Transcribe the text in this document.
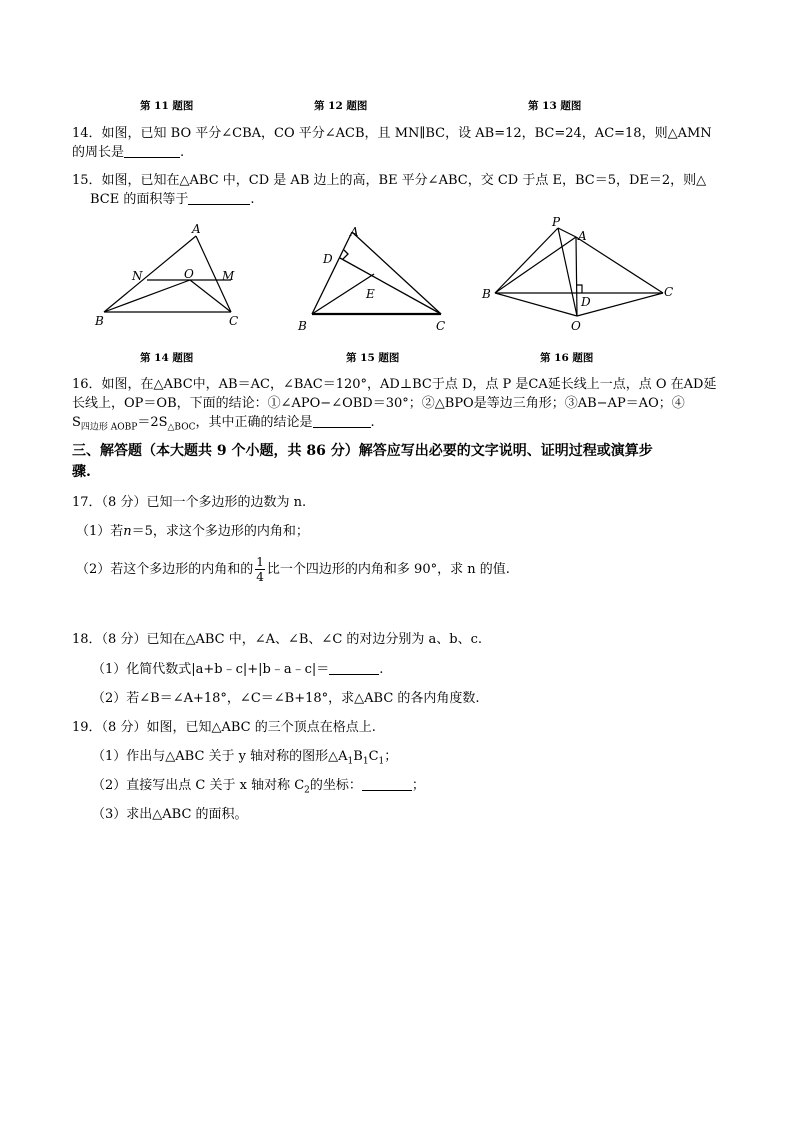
第 11 题图	第 12 题图	第 13 题图
14．如图，已知 BO 平分∠CBA，CO 平分∠ACB，且 MN∥BC，设 AB=12，BC=24，AC=18，则△AMN
的周长是	.
15．如图，已知在△ABC 中，CD 是 AB 边上的高，BE 平分∠ABC，交 CD 于点 E，BC＝5，DE＝2，则△
BCE 的面积等于	.
A
N	O M
B	C
A
D
E
B	C
P
A
B
D
C
O
第 14 题图	第 15 题图	第 16 题图
16．如图，在△ABC中，AB＝AC，∠BAC＝120°，AD⊥BC于点 D，点 P 是CA延长线上一点，点 O 在AD延
长线上，OP＝OB，下面的结论：①∠APO−∠OBD＝30°；②△BPO是等边三角形；③AB−AP＝AO；④
$S_{四边形 AOBP}=2S_{\triangle BOC}$，其中正确的结论是	.
三、解答题（本大题共 9 个小题，共 86 分）解答应写出必要的文字说明、证明过程或演算步
骤.
17．（8 分）已知一个多边形的边数为 n.
（1）若n＝5，求这个多边形的内角和；
（2）若这个多边形的内角和的 $\frac{1}{4}$ 比一个四边形的内角和多 90°，求 n 的值.
18．（8 分）已知在△ABC 中，∠A、∠B、∠C 的对边分别为 a、b、c.
（1）化简代数式|a+b﹣c|+|b﹣a﹣c|＝	.
（2）若∠B＝∠A+18°，∠C＝∠B+18°，求△ABC 的各内角度数.
19．（8 分）如图，已知△ABC 的三个顶点在格点上.
（1）作出与△ABC 关于 y 轴对称的图形$\triangle A_1B_1C_1$；
（2）直接写出点 C 关于 x 轴对称 $C_2$的坐标：	；
（3）求出△ABC 的面积。
